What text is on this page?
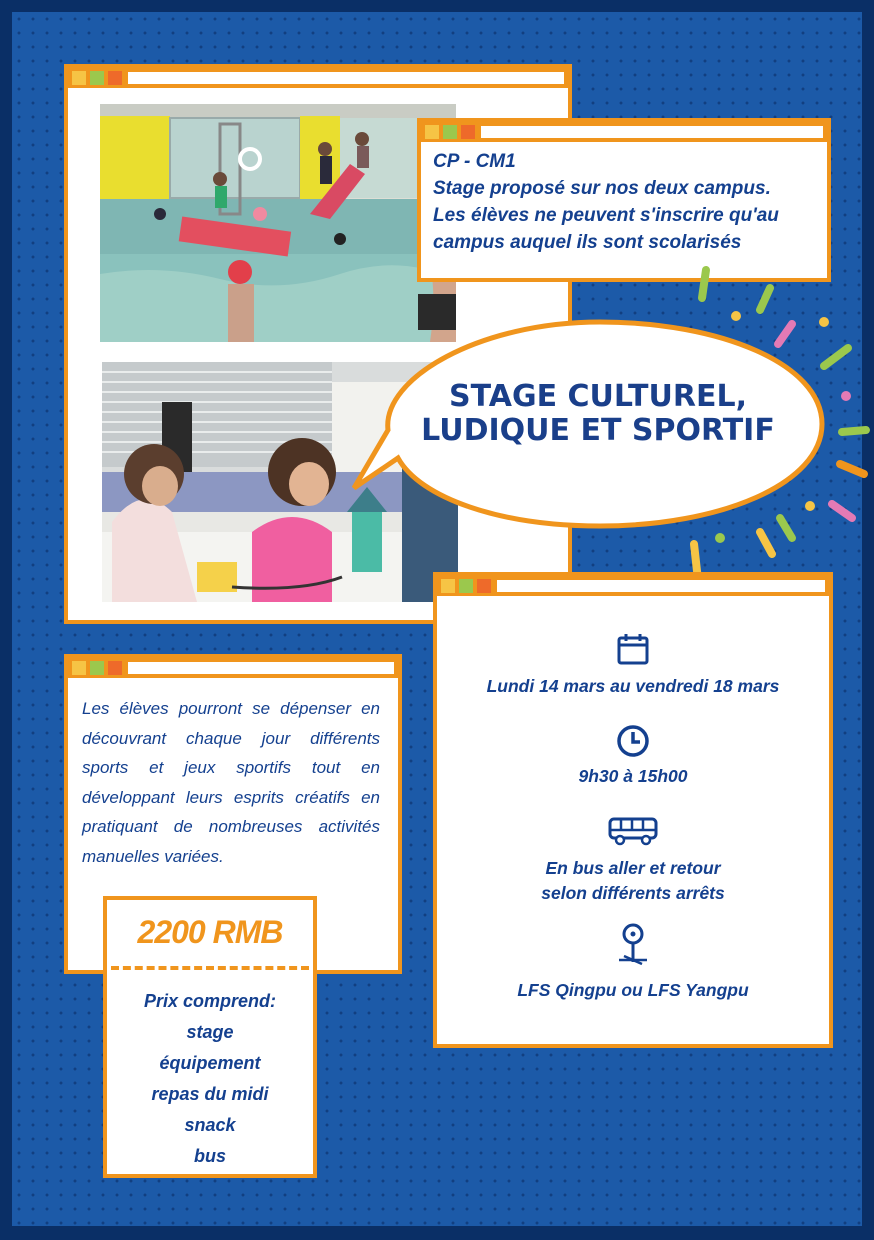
CP - CM1
Stage proposé sur nos deux campus.
Les élèves ne peuvent s'inscrire qu'au
campus auquel ils sont scolarisés
STAGE CULTUREL,
LUDIQUE ET SPORTIF
Les élèves pourront se dépenser en découvrant chaque jour différents sports et jeux sportifs tout en développant leurs esprits créatifs en pratiquant de nombreuses activités manuelles variées.
Lundi 14 mars au vendredi 18 mars
9h30 à 15h00
En bus aller et retour
selon différents arrêts
LFS Qingpu ou LFS Yangpu
2200 RMB
Prix comprend:
stage
équipement
repas du midi
snack
bus
